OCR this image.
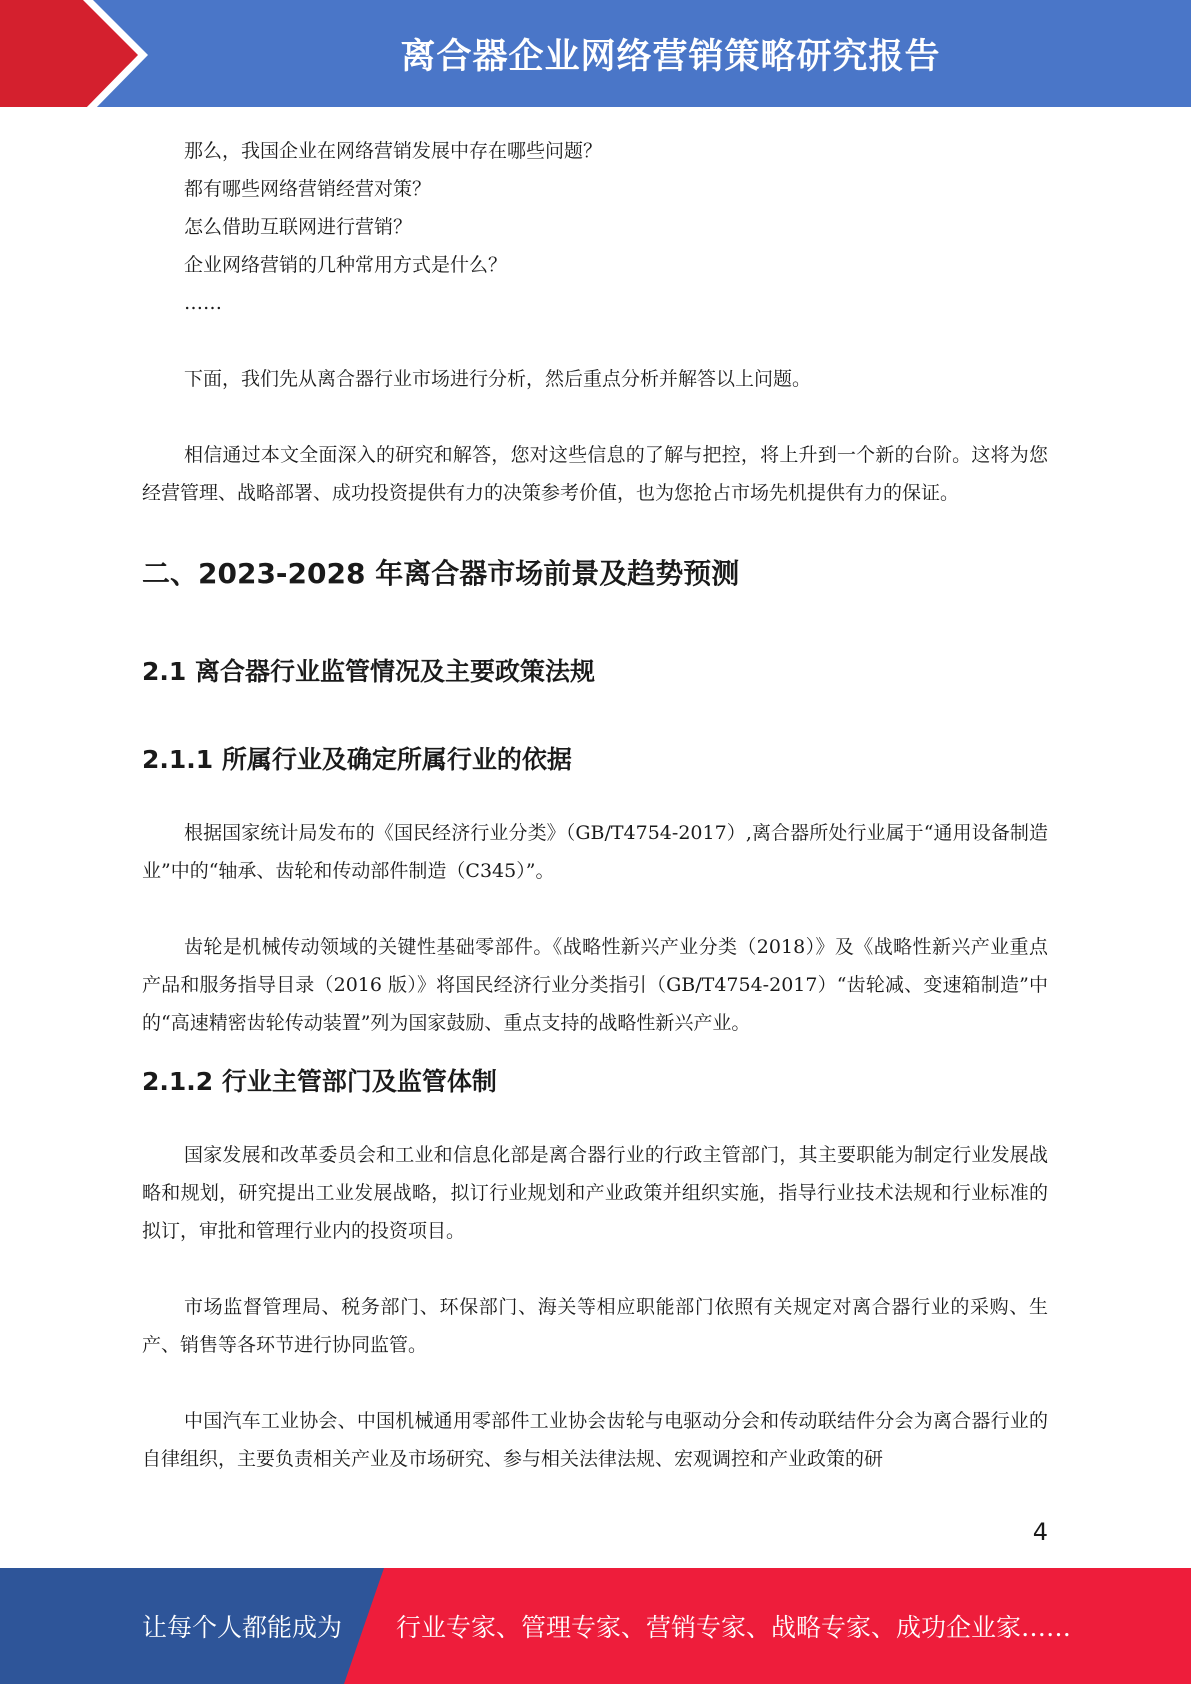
离合器企业网络营销策略研究报告

那么，我国企业在网络营销发展中存在哪些问题？

都有哪些网络营销经营对策？

怎么借助互联网进行营销？

企业网络营销的几种常用方式是什么？

……

下面，我们先从离合器行业市场进行分析，然后重点分析并解答以上问题。

相信通过本文全面深入的研究和解答，您对这些信息的了解与把控，将上升到一个新的台阶。这将为您经营管理、战略部署、成功投资提供有力的决策参考价值，也为您抢占市场先机提供有力的保证。

二、2023-2028 年离合器市场前景及趋势预测
2.1 离合器行业监管情况及主要政策法规
2.1.1 所属行业及确定所属行业的依据

根据国家统计局发布的《国民经济行业分类》（GB/T4754-2017）,离合器所处行业属于“通用设备制造业”中的“轴承、齿轮和传动部件制造（C345）”。

齿轮是机械传动领域的关键性基础零部件。《战略性新兴产业分类（2018）》及《战略性新兴产业重点产品和服务指导目录（2016 版）》将国民经济行业分类指引（GB/T4754-2017）“齿轮减、变速箱制造”中的“高速精密齿轮传动装置”列为国家鼓励、重点支持的战略性新兴产业。

2.1.2 行业主管部门及监管体制

国家发展和改革委员会和工业和信息化部是离合器行业的行政主管部门，其主要职能为制定行业发展战略和规划，研究提出工业发展战略，拟订行业规划和产业政策并组织实施，指导行业技术法规和行业标准的拟订，审批和管理行业内的投资项目。

市场监督管理局、税务部门、环保部门、海关等相应职能部门依照有关规定对离合器行业的采购、生产、销售等各环节进行协同监管。

中国汽车工业协会、中国机械通用零部件工业协会齿轮与电驱动分会和传动联结件分会为离合器行业的自律组织，主要负责相关产业及市场研究、参与相关法律法规、宏观调控和产业政策的研

4
让每个人都能成为 行业专家、管理专家、营销专家、战略专家、成功企业家……
